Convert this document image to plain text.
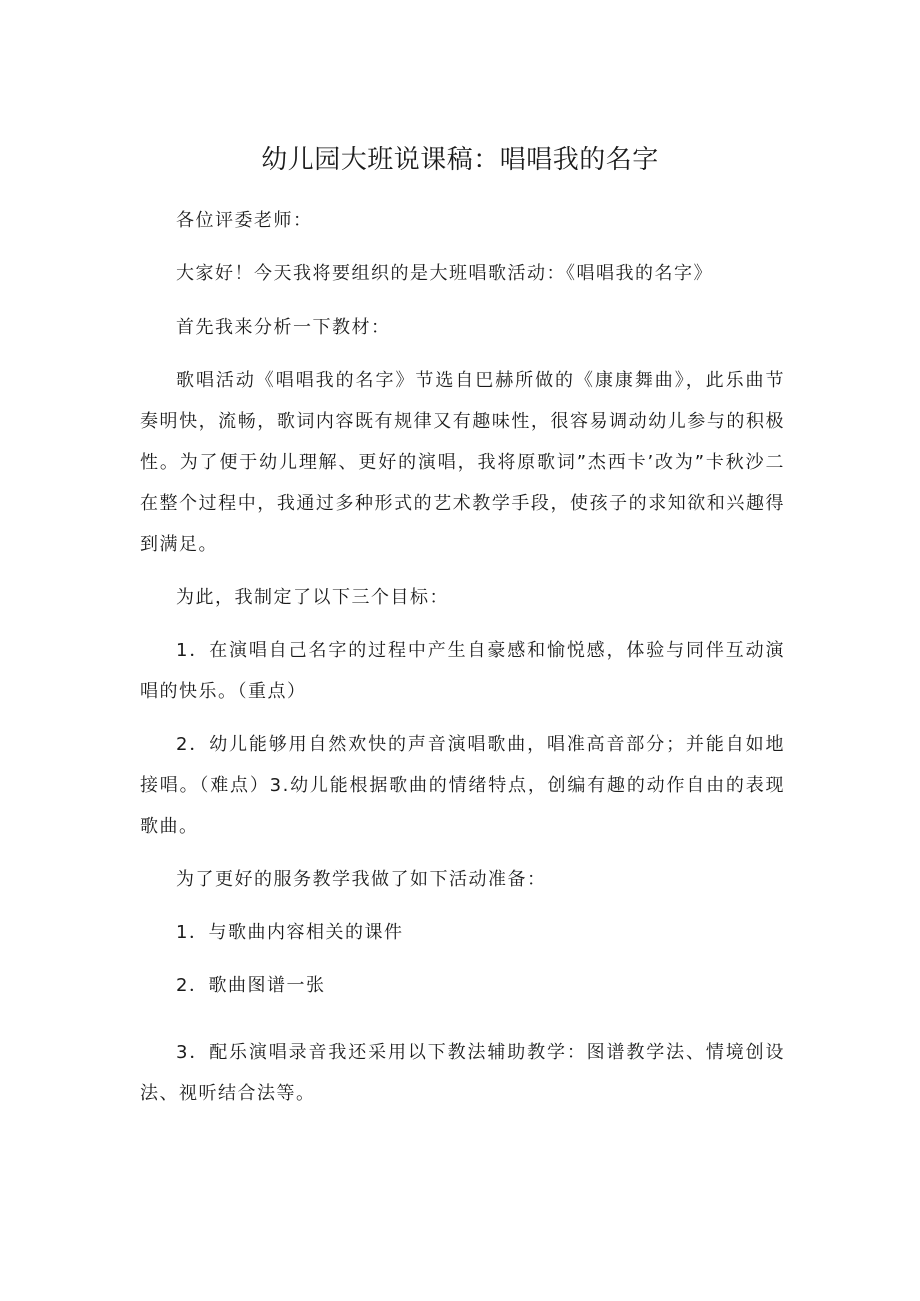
幼儿园大班说课稿：唱唱我的名字

各位评委老师：

大家好！今天我将要组织的是大班唱歌活动：《唱唱我的名字》

首先我来分析一下教材：

歌唱活动《唱唱我的名字》节选自巴赫所做的《康康舞曲》，此乐曲节奏明快，流畅，歌词内容既有规律又有趣味性，很容易调动幼儿参与的积极性。为了便于幼儿理解、更好的演唱，我将原歌词”杰西卡’改为”卡秋沙二在整个过程中，我通过多种形式的艺术教学手段，使孩子的求知欲和兴趣得到满足。

为此，我制定了以下三个目标：

1．在演唱自己名字的过程中产生自豪感和愉悦感，体验与同伴互动演唱的快乐。（重点）

2．幼儿能够用自然欢快的声音演唱歌曲，唱准高音部分；并能自如地接唱。（难点）3.幼儿能根据歌曲的情绪特点，创编有趣的动作自由的表现歌曲。

为了更好的服务教学我做了如下活动准备：

1．与歌曲内容相关的课件

2．歌曲图谱一张

3．配乐演唱录音我还采用以下教法辅助教学：图谱教学法、情境创设法、视听结合法等。
